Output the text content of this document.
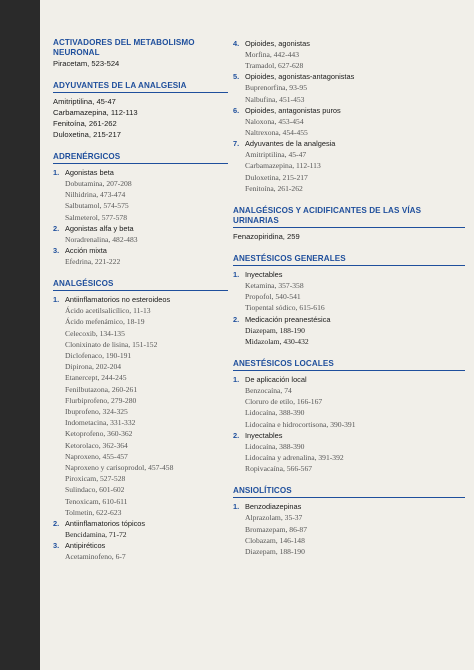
ACTIVADORES DEL METABOLISMO NEURONAL
Piracetam, 523-524
ADYUVANTES DE LA ANALGESIA
Amitriptilina, 45-47
Carbamazepina, 112-113
Fenitoína, 261-262
Duloxetina, 215-217
ADRENÉRGICOS
1. Agonistas beta
Dobutamina, 207-208
Nilhidrina, 473-474
Salbutamol, 574-575
Salmeterol, 577-578
2. Agonistas alfa y beta
Noradrenalina, 482-483
3. Acción mixta
Efedrina, 221-222
ANALGÉSICOS
1. Antiinflamatorios no esteroideos
Ácido acetilsalicílico, 11-13
Ácido mefenámico, 18-19
Celecoxib, 134-135
Clonixinato de lisina, 151-152
Diclofenaco, 190-191
Dipirona, 202-204
Etanercept, 244-245
Fenilbutazona, 260-261
Flurbiprofeno, 279-280
Ibuprofeno, 324-325
Indometacina, 331-332
Ketoprofeno, 360-362
Ketorolaco, 362-364
Naproxeno, 455-457
Naproxeno y carisoprodol, 457-458
Piroxicam, 527-528
Sulindaco, 601-602
Tenoxicam, 610-611
Tolmetin, 622-623
2. Antiinflamatorios tópicos
Bencidamina, 71-72
3. Antipiréticos
Acetaminofeno, 6-7
4. Opioides, agonistas
Morfina, 442-443
Tramadol, 627-628
5. Opioides, agonistas-antagonistas
Buprenorfina, 93-95
Nalbufina, 451-453
6. Opioides, antagonistas puros
Naloxona, 453-454
Naltrexona, 454-455
7. Adyuvantes de la analgesia
Amitriptilina, 45-47
Carbamazepina, 112-113
Duloxetina, 215-217
Fenitoína, 261-262
ANALGÉSICOS Y ACIDIFICANTES DE LAS VÍAS URINARIAS
Fenazopiridina, 259
ANESTÉSICOS GENERALES
1. Inyectables
Ketamina, 357-358
Propofol, 540-541
Tiopental sódico, 615-616
2. Medicación preanestésica
Diazepam, 188-190
Midazolam, 430-432
ANESTÉSICOS LOCALES
1. De aplicación local
Benzocaína, 74
Cloruro de etilo, 166-167
Lidocaína, 388-390
Lidocaína e hidrocortisona, 390-391
2. Inyectables
Lidocaína, 388-390
Lidocaína y adrenalina, 391-392
Ropivacaína, 566-567
ANSIOLÍTICOS
1. Benzodiazepinas
Alprazolam, 35-37
Bromazepam, 86-87
Clobazam, 146-148
Diazepam, 188-190
